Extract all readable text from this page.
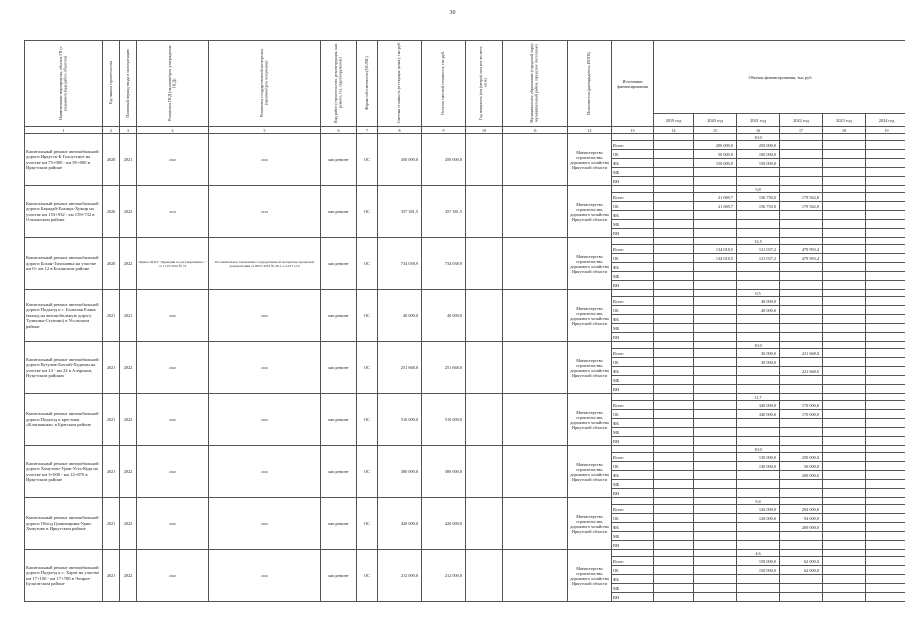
30
Наименование мероприятия, объекта ГП (с указанием вида работ, объектов)	Год начала строительства	Плановый период ввода в эксплуатацию	Реквизиты ПСД (наличие/срок утверждения ПСД)	Реквизиты государственной экспертизы (наличие/срок получения)	Вид работ (строительство, реконструкция, кап. ремонт, тех. перевооружение)	Форма собственности (ОС/МС)	Сметная стоимость (в текущих ценах), тыс.руб.	Остаток сметной стоимости, тыс.руб.	Год мощность (км (метры) или кол-во мест, кв.м)	Муниципальное образование (городской округ, муниципальный район, городское поселение)	Исполнитель (распорядитель ИОГВ)	Источники финансирования	Объемы финансирования, тыс.руб.					
													2019 год	2020 год	2021 год	2022 год	2023 год	2024 год
1	2	3	4	5	6	7	8	9	10	11	12	13	14	15	16	17	18	19
Капитальный ремонт автомобильной дороги Иркутск-Б.Голоустное на участке км 75+000 - км 85+000 в Иркутском районе	2020	2021	2020	2020	кап.ремонт	ОС	450 000,0	450 000,0			Министерство строительства, дорожного хозяйства Иркутской области				10,0			
												Всего		200 000,0	250 000,0			
												ОБ		50 000,0	100 000,0			
												ФБ		150 000,0	150 000,0			
												МБ						
												ВИ						
Капитальный ремонт автомобильной дороги Баяндай-Еланцы-Хужир на участке км 153+932 - км 159+732 в Ольхонском районе	2020	2022	2019	2019	кап.ремонт	ОС	357 381,5	357 381,5			Министерство строительства, дорожного хозяйства Иркутской области				5,8			
												Всего		21 069,7	156 750,0	179 562,8		
												ОБ		21 069,7	156 750,0	179 562,8		
												ФБ						
												МБ						
												ВИ						
Капитальный ремонт автомобильной дороги Бохан-Тихоновка на участке км 0+ км 12 в Боханском районе	2020	2022	Приказ ОГКУ "Дирекция по регулированию..." от 11.07.2019 № 74	Положительное заключение государственной экспертизы проектной документации от 08.07.2019 № 38-1-1-2-0171-19	кап.ремонт	ОС	734 038,9	734 038,9			Министерство строительства, дорожного хозяйства Иркутской области				12,5			
												Всего		134 018,5	121 037,2	479 993,4		
												ОБ		134 018,5	121 037,2	479 993,4		
												ФБ						
												МБ						
												ВИ						
Капитальный ремонт автомобильной дороги Подъезд к с. Большая Елань (выход на автомобильную дорогу Тулюшка-Ступино) в Усольском районе	2021	2021	2020	2020	кап.ремонт	ОС	40 000,0	40 000,0			Министерство строительства, дорожного хозяйства Иркутской области				0,5			
												Всего			40 000,0			
												ОБ			40 000,0			
												ФБ						
												МБ						
												ВИ						
Капитальный ремонт автомобильной дороги Кутулик-Бахтай-Хадахан на участке км 14 - км 24 в Аларском, Нукутском районах	2021	2022	2020	2020	кап.ремонт	ОС	251 668,0	251 668,0			Министерство строительства, дорожного хозяйства Иркутской области				10,0			
												Всего			30 000,0	221 668,0		
												ОБ			30 000,0			
												ФБ				221 668,0		
												МБ						
												ВИ						
Капитальный ремонт автомобильной дороги Подъезд к крестная «Клатшанжи» в Братском районе	2021	2022	2020	2020	кап.ремонт	ОС	510 000,0	510 000,0			Министерство строительства, дорожного хозяйства Иркутской области				11,7			
												Всего			340 000,0	170 000,0		
												ОБ			340 000,0	170 000,0		
												ФБ						
												МБ						
												ВИ						
Капитальный ремонт автомобильной дороги Хомутово-Урик-Усть-Куда на участке км 3+000 - км 12+870 в Иркутском районе	2021	2022	2020	2020	кап.ремонт	ОС	380 000,0	380 000,0			Министерство строительства, дорожного хозяйства Иркутской области				10,0			
												Всего			130 000,0	250 000,0		
												ОБ			130 000,0	50 000,0		
												ФБ				200 000,0		
												МБ						
												ВИ						
Капитальный ремонт автомобильной дороги Обход Грановщины-Урик-Хомутово в Иркутском районе	2021	2022	2020	2020	кап.ремонт	ОС	420 000,0	420 000,0			Министерство строительства, дорожного хозяйства Иркутской области				9,4			
												Всего			126 000,0	294 000,0		
												ОБ			126 000,0	94 000,0		
												ФБ				200 000,0		
												МБ						
												ВИ						
Капитальный ремонт автомобильной дороги Подъезд к с. Харат на участке км 17+100 - км 17+700 в Эхирит-Булагатском районе	2021	2022	2020	2020	кап.ремонт	ОС	212 000,0	212 000,0			Министерство строительства, дорожного хозяйства Иркутской области				4,6			
												Всего			150 000,0	62 000,0		
												ОБ			150 000,0	62 000,0		
												ФБ						
												МБ						
												ВИ						
